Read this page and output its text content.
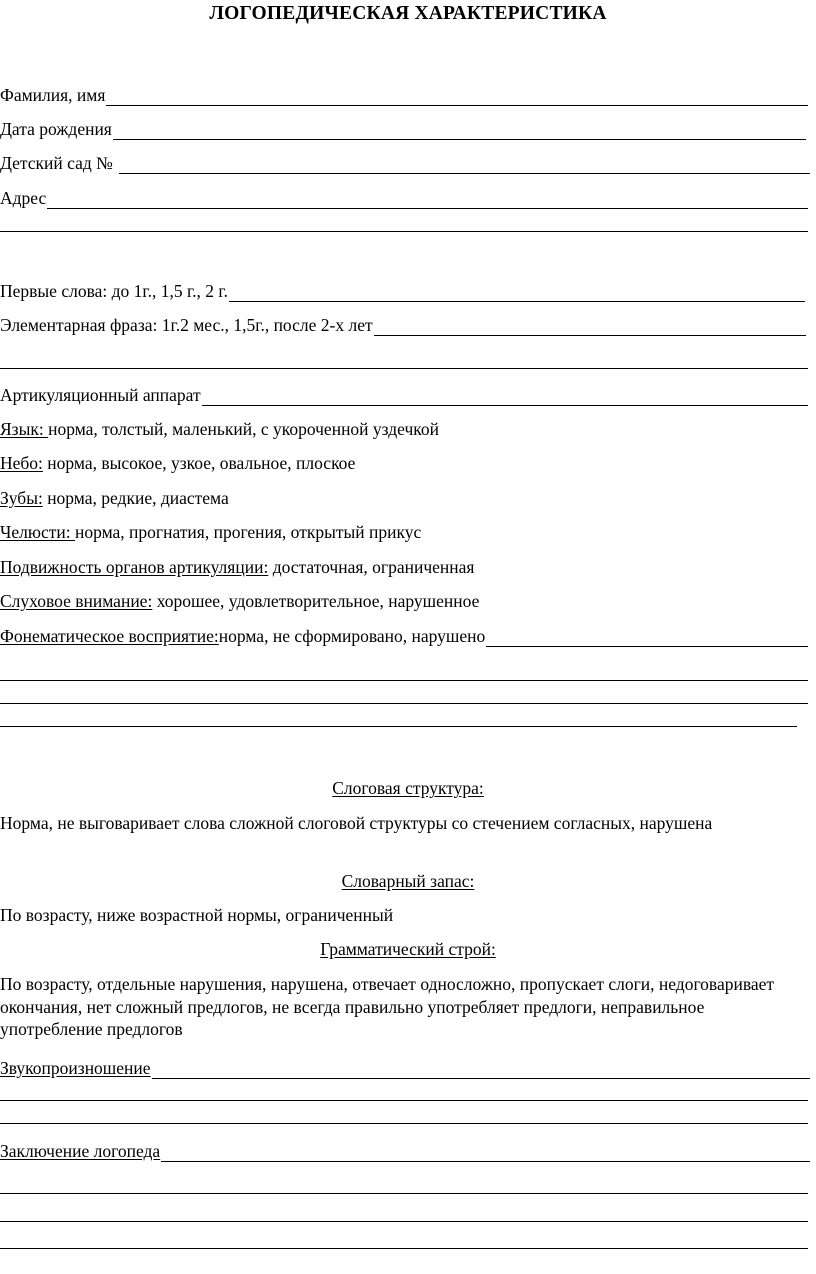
ЛОГОПЕДИЧЕСКАЯ ХАРАКТЕРИСТИКА
Фамилия, имя
Дата рождения
Детский сад №
Адрес
Первые слова: до 1г., 1,5 г., 2 г.
Элементарная фраза: 1г.2 мес., 1,5г., после 2-х лет
Артикуляционный аппарат
Язык: норма, толстый, маленький, с укороченной уздечкой
Небо: норма, высокое, узкое, овальное, плоское
Зубы: норма, редкие, диастема
Челюсти: норма, прогнатия, прогения, открытый прикус
Подвижность органов артикуляции: достаточная, ограниченная
Слуховое внимание: хорошее, удовлетворительное, нарушенное
Фонематическое восприятие: норма, не сформировано, нарушено
Слоговая структура:
Норма, не выговаривает слова сложной слоговой структуры со стечением согласных, нарушена
Словарный запас:
По возрасту, ниже возрастной нормы, ограниченный
Грамматический строй:
По возрасту, отдельные нарушения, нарушена, отвечает односложно, пропускает слоги, недоговаривает окончания, нет сложный предлогов, не всегда правильно употребляет предлоги, неправильное употребление предлогов
Звукопроизношение
Заключение логопеда
